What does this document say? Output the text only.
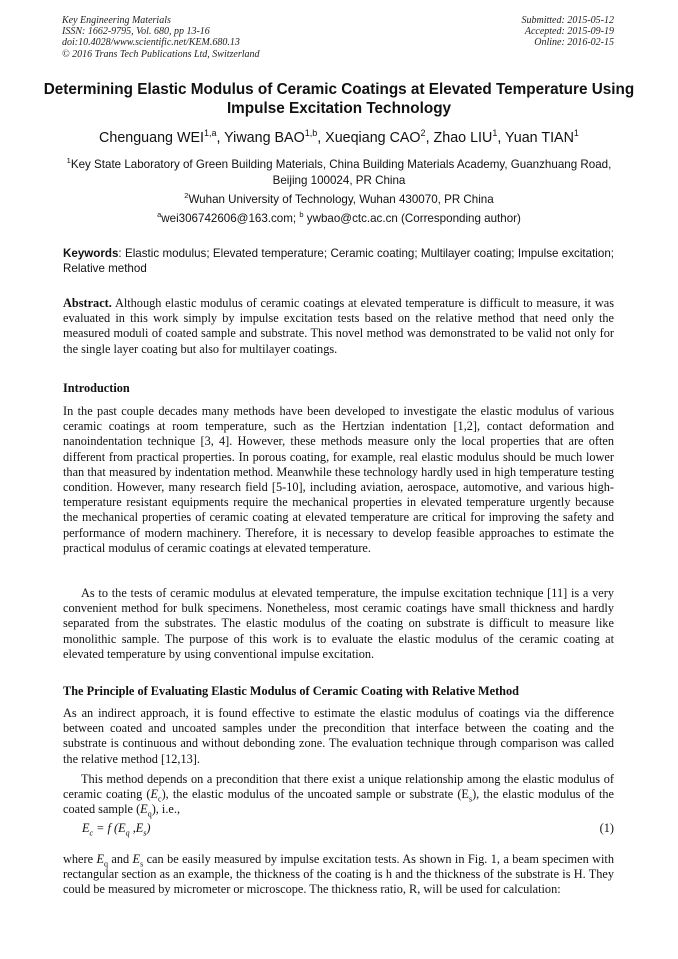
Key Engineering Materials
ISSN: 1662-9795, Vol. 680, pp 13-16
doi:10.4028/www.scientific.net/KEM.680.13
© 2016 Trans Tech Publications Ltd, Switzerland
Submitted: 2015-05-12
Accepted: 2015-09-19
Online: 2016-02-15
Determining Elastic Modulus of Ceramic Coatings at Elevated Temperature Using Impulse Excitation Technology
Chenguang WEI$^{1,a}$, Yiwang BAO$^{1,b}$, Xueqiang CAO$^2$, Zhao LIU$^1$, Yuan TIAN$^1$
$^1$Key State Laboratory of Green Building Materials, China Building Materials Academy, Guanzhuang Road, Beijing 100024, PR China
$^2$Wuhan University of Technology, Wuhan 430070, PR China
$^a$wei306742606@163.com; $^b$ ywbao@ctc.ac.cn (Corresponding author)
Keywords: Elastic modulus; Elevated temperature; Ceramic coating; Multilayer coating; Impulse excitation; Relative method
Abstract. Although elastic modulus of ceramic coatings at elevated temperature is difficult to measure, it was evaluated in this work simply by impulse excitation tests based on the relative method that need only the measured moduli of coated sample and substrate. This novel method was demonstrated to be valid not only for the single layer coating but also for multilayer coatings.
Introduction
In the past couple decades many methods have been developed to investigate the elastic modulus of various ceramic coatings at room temperature, such as the Hertzian indentation [1,2], contact deformation and nanoindentation technique [3, 4]. However, these methods measure only the local properties that are often different from practical properties. In porous coating, for example, real elastic modulus should be much lower than that measured by indentation method. Meanwhile these technology hardly used in high temperature testing condition. However, many research field [5-10], including aviation, aerospace, automotive, and various high-temperature resistant equipments require the mechanical properties in elevated temperature urgently because the mechanical properties of ceramic coating at elevated temperature are critical for improving the safety and performance of modern machinery. Therefore, it is necessary to develop feasible approaches to estimate the practical modulus of ceramic coatings at elevated temperature.
As to the tests of ceramic modulus at elevated temperature, the impulse excitation technique [11] is a very convenient method for bulk specimens. Nonetheless, most ceramic coatings have small thickness and hardly separated from the substrates. The elastic modulus of the coating on substrate is difficult to measure like monolithic sample. The purpose of this work is to evaluate the elastic modulus of the ceramic coating at elevated temperature by using conventional impulse excitation.
The Principle of Evaluating Elastic Modulus of Ceramic Coating with Relative Method
As an indirect approach, it is found effective to estimate the elastic modulus of coatings via the difference between coated and uncoated samples under the precondition that interface between the coating and the substrate is continuous and without debonding zone. The evaluation technique through comparison was called the relative method [12,13].
This method depends on a precondition that there exist a unique relationship among the elastic modulus of ceramic coating $(E_c)$, the elastic modulus of the uncoated sample or substrate $(E_s)$, the elastic modulus of the coated sample $(E_q)$, i.e.,
$E_c = f$ ($E_q$ $,E_s$)	(1)
where $E_q$ and $E_s$ can be easily measured by impulse excitation tests. As shown in Fig. 1, a beam specimen with rectangular section as an example, the thickness of the coating is h and the thickness of the substrate is H. They could be measured by micrometer or microscope. The thickness ratio, R, will be used for calculation:
